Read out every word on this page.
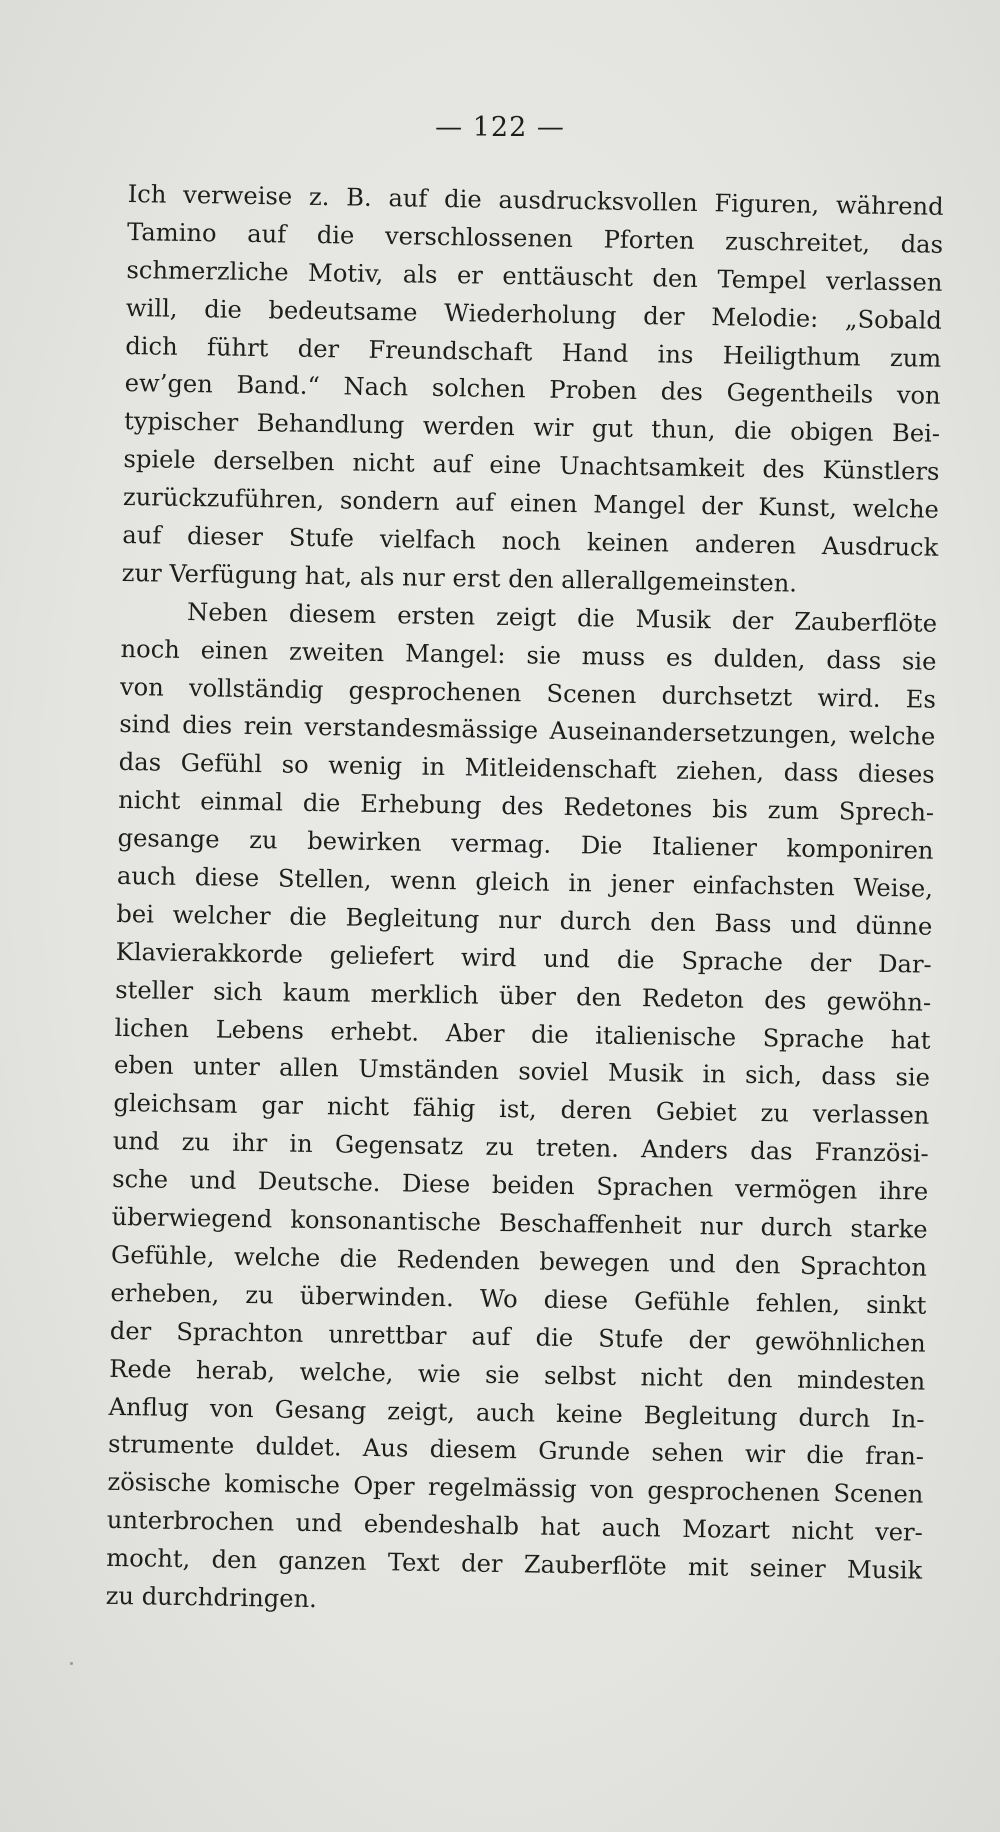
— 122 —
Ich verweise z. B. auf die ausdrucksvollen Figuren, während
Tamino auf die verschlossenen Pforten zuschreitet, das
schmerzliche Motiv, als er enttäuscht den Tempel verlassen
will, die bedeutsame Wiederholung der Melodie: „Sobald
dich führt der Freundschaft Hand ins Heiligthum zum
ew’gen Band.“ Nach solchen Proben des Gegentheils von
typischer Behandlung werden wir gut thun, die obigen Bei-
spiele derselben nicht auf eine Unachtsamkeit des Künstlers
zurückzuführen, sondern auf einen Mangel der Kunst, welche
auf dieser Stufe vielfach noch keinen anderen Ausdruck
zur Verfügung hat, als nur erst den allerallgemeinsten.
Neben diesem ersten zeigt die Musik der Zauberflöte
noch einen zweiten Mangel: sie muss es dulden, dass sie
von vollständig gesprochenen Scenen durchsetzt wird. Es
sind dies rein verstandesmässige Auseinandersetzungen, welche
das Gefühl so wenig in Mitleidenschaft ziehen, dass dieses
nicht einmal die Erhebung des Redetones bis zum Sprech-
gesange zu bewirken vermag. Die Italiener komponiren
auch diese Stellen, wenn gleich in jener einfachsten Weise,
bei welcher die Begleitung nur durch den Bass und dünne
Klavierakkorde geliefert wird und die Sprache der Dar-
steller sich kaum merklich über den Redeton des gewöhn-
lichen Lebens erhebt. Aber die italienische Sprache hat
eben unter allen Umständen soviel Musik in sich, dass sie
gleichsam gar nicht fähig ist, deren Gebiet zu verlassen
und zu ihr in Gegensatz zu treten. Anders das Französi-
sche und Deutsche. Diese beiden Sprachen vermögen ihre
überwiegend konsonantische Beschaffenheit nur durch starke
Gefühle, welche die Redenden bewegen und den Sprachton
erheben, zu überwinden. Wo diese Gefühle fehlen, sinkt
der Sprachton unrettbar auf die Stufe der gewöhnlichen
Rede herab, welche, wie sie selbst nicht den mindesten
Anflug von Gesang zeigt, auch keine Begleitung durch In-
strumente duldet. Aus diesem Grunde sehen wir die fran-
zösische komische Oper regelmässig von gesprochenen Scenen
unterbrochen und ebendeshalb hat auch Mozart nicht ver-
mocht, den ganzen Text der Zauberflöte mit seiner Musik
zu durchdringen.
